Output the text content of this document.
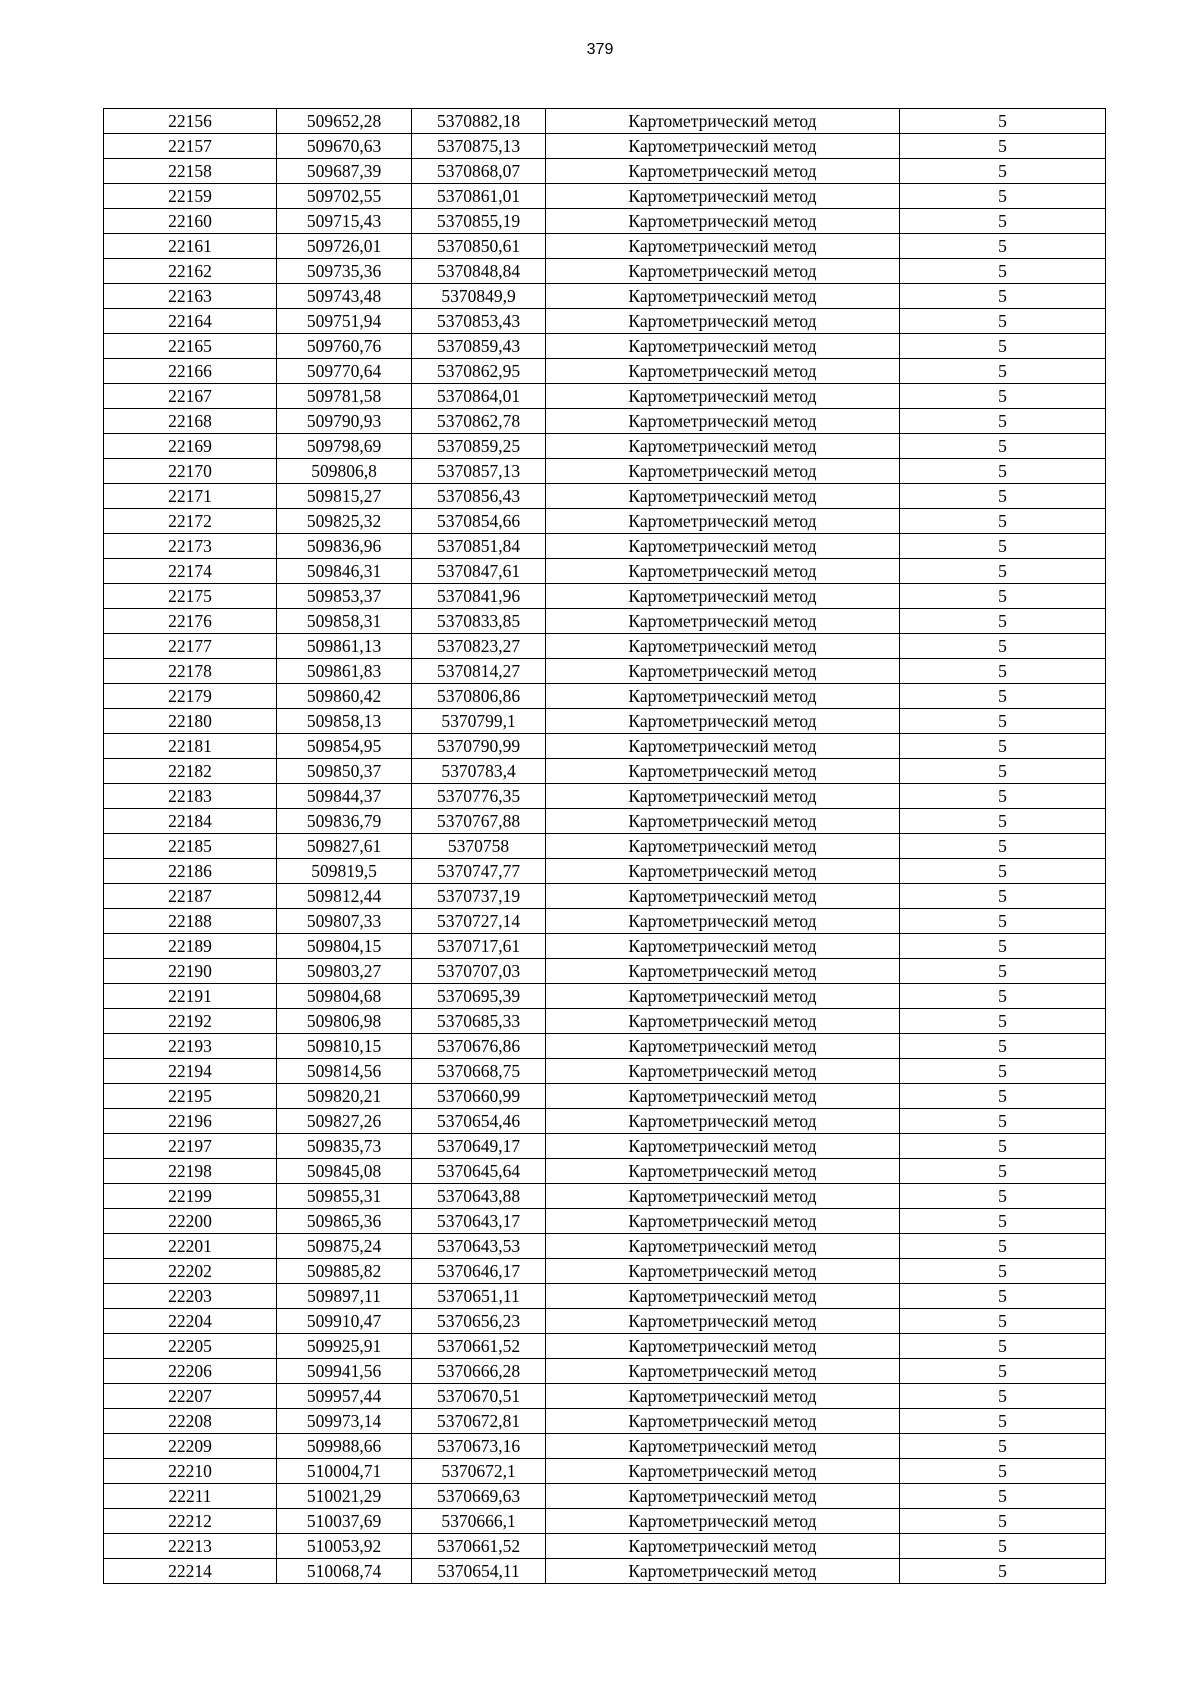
379
22156	509652,28	5370882,18	Картометрический метод	5
22157	509670,63	5370875,13	Картометрический метод	5
22158	509687,39	5370868,07	Картометрический метод	5
22159	509702,55	5370861,01	Картометрический метод	5
22160	509715,43	5370855,19	Картометрический метод	5
22161	509726,01	5370850,61	Картометрический метод	5
22162	509735,36	5370848,84	Картометрический метод	5
22163	509743,48	5370849,9	Картометрический метод	5
22164	509751,94	5370853,43	Картометрический метод	5
22165	509760,76	5370859,43	Картометрический метод	5
22166	509770,64	5370862,95	Картометрический метод	5
22167	509781,58	5370864,01	Картометрический метод	5
22168	509790,93	5370862,78	Картометрический метод	5
22169	509798,69	5370859,25	Картометрический метод	5
22170	509806,8	5370857,13	Картометрический метод	5
22171	509815,27	5370856,43	Картометрический метод	5
22172	509825,32	5370854,66	Картометрический метод	5
22173	509836,96	5370851,84	Картометрический метод	5
22174	509846,31	5370847,61	Картометрический метод	5
22175	509853,37	5370841,96	Картометрический метод	5
22176	509858,31	5370833,85	Картометрический метод	5
22177	509861,13	5370823,27	Картометрический метод	5
22178	509861,83	5370814,27	Картометрический метод	5
22179	509860,42	5370806,86	Картометрический метод	5
22180	509858,13	5370799,1	Картометрический метод	5
22181	509854,95	5370790,99	Картометрический метод	5
22182	509850,37	5370783,4	Картометрический метод	5
22183	509844,37	5370776,35	Картометрический метод	5
22184	509836,79	5370767,88	Картометрический метод	5
22185	509827,61	5370758	Картометрический метод	5
22186	509819,5	5370747,77	Картометрический метод	5
22187	509812,44	5370737,19	Картометрический метод	5
22188	509807,33	5370727,14	Картометрический метод	5
22189	509804,15	5370717,61	Картометрический метод	5
22190	509803,27	5370707,03	Картометрический метод	5
22191	509804,68	5370695,39	Картометрический метод	5
22192	509806,98	5370685,33	Картометрический метод	5
22193	509810,15	5370676,86	Картометрический метод	5
22194	509814,56	5370668,75	Картометрический метод	5
22195	509820,21	5370660,99	Картометрический метод	5
22196	509827,26	5370654,46	Картометрический метод	5
22197	509835,73	5370649,17	Картометрический метод	5
22198	509845,08	5370645,64	Картометрический метод	5
22199	509855,31	5370643,88	Картометрический метод	5
22200	509865,36	5370643,17	Картометрический метод	5
22201	509875,24	5370643,53	Картометрический метод	5
22202	509885,82	5370646,17	Картометрический метод	5
22203	509897,11	5370651,11	Картометрический метод	5
22204	509910,47	5370656,23	Картометрический метод	5
22205	509925,91	5370661,52	Картометрический метод	5
22206	509941,56	5370666,28	Картометрический метод	5
22207	509957,44	5370670,51	Картометрический метод	5
22208	509973,14	5370672,81	Картометрический метод	5
22209	509988,66	5370673,16	Картометрический метод	5
22210	510004,71	5370672,1	Картометрический метод	5
22211	510021,29	5370669,63	Картометрический метод	5
22212	510037,69	5370666,1	Картометрический метод	5
22213	510053,92	5370661,52	Картометрический метод	5
22214	510068,74	5370654,11	Картометрический метод	5
